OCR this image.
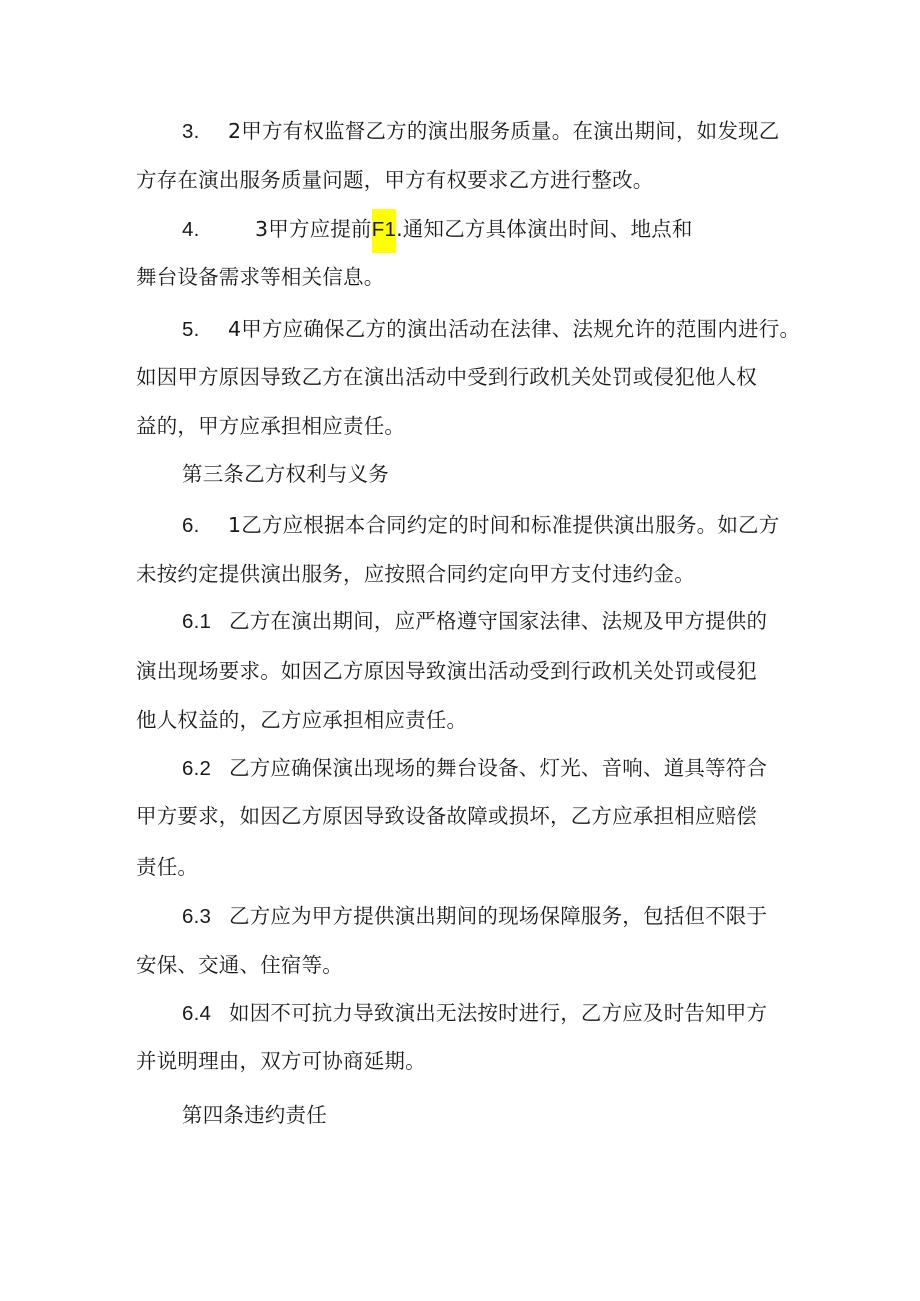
3.2甲方有权监督乙方的演出服务质量。在演出期间，如发现乙
方存在演出服务质量问题，甲方有权要求乙方进行整改。
4.	3甲方应提前F1.通知乙方具体演出时间、地点和
舞台设备需求等相关信息。
5.4甲方应确保乙方的演出活动在法律、法规允许的范围内进行。
如因甲方原因导致乙方在演出活动中受到行政机关处罚或侵犯他人权
益的，甲方应承担相应责任。
第三条乙方权利与义务
6.1乙方应根据本合同约定的时间和标准提供演出服务。如乙方
未按约定提供演出服务，应按照合同约定向甲方支付违约金。
6.1 乙方在演出期间，应严格遵守国家法律、法规及甲方提供的
演出现场要求。如因乙方原因导致演出活动受到行政机关处罚或侵犯
他人权益的，乙方应承担相应责任。
6.2 乙方应确保演出现场的舞台设备、灯光、音响、道具等符合
甲方要求，如因乙方原因导致设备故障或损坏，乙方应承担相应赔偿
责任。
6.3 乙方应为甲方提供演出期间的现场保障服务，包括但不限于
安保、交通、住宿等。
6.4 如因不可抗力导致演出无法按时进行，乙方应及时告知甲方
并说明理由，双方可协商延期。
第四条违约责任
